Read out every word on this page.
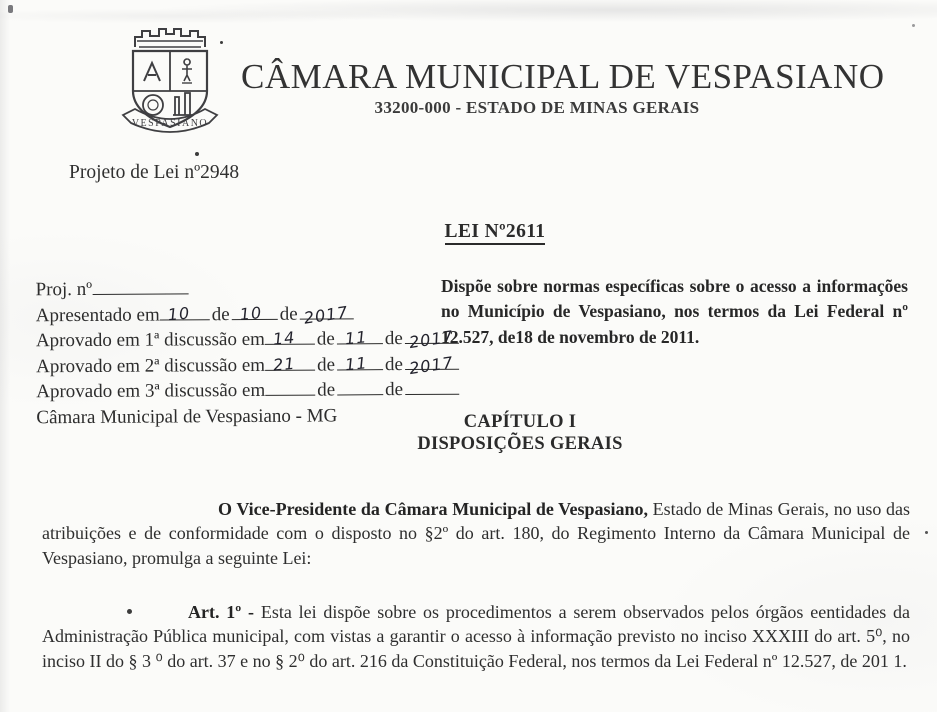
VESPASIANO
CÂMARA MUNICIPAL DE VESPASIANO
33200-000 - ESTADO DE MINAS GERAIS
Projeto de Lei nº2948
LEI Nº2611
Proj. nº
Apresentado em 10 de 10 de 2017
Aprovado em 1ª discussão em 14 de 11 de 2017
Aprovado em 2ª discussão em 21 de 11 de 2017
Aprovado em 3ª discussão em	de	de
Câmara Municipal de Vespasiano - MG
Dispõe sobre normas específicas sobre o acesso a informações no Município de Vespasiano, nos termos da Lei Federal nº 12.527, de18 de novembro de 2011.
CAPÍTULO I
DISPOSIÇÕES GERAIS
O Vice-Presidente da Câmara Municipal de Vespasiano, Estado de Minas Gerais, no uso das atribuições e de conformidade com o disposto no §2º do art. 180, do Regimento Interno da Câmara Municipal de Vespasiano, promulga a seguinte Lei:
Art. 1º - Esta lei dispõe sobre os procedimentos a serem observados pelos órgãos eentidades da Administração Pública municipal, com vistas a garantir o acesso à informação previsto no inciso XXXIII do art. 5⁰, no inciso II do § 3 ⁰ do art. 37 e no § 2⁰ do art. 216 da Constituição Federal, nos termos da Lei Federal nº 12.527, de 201 1.
